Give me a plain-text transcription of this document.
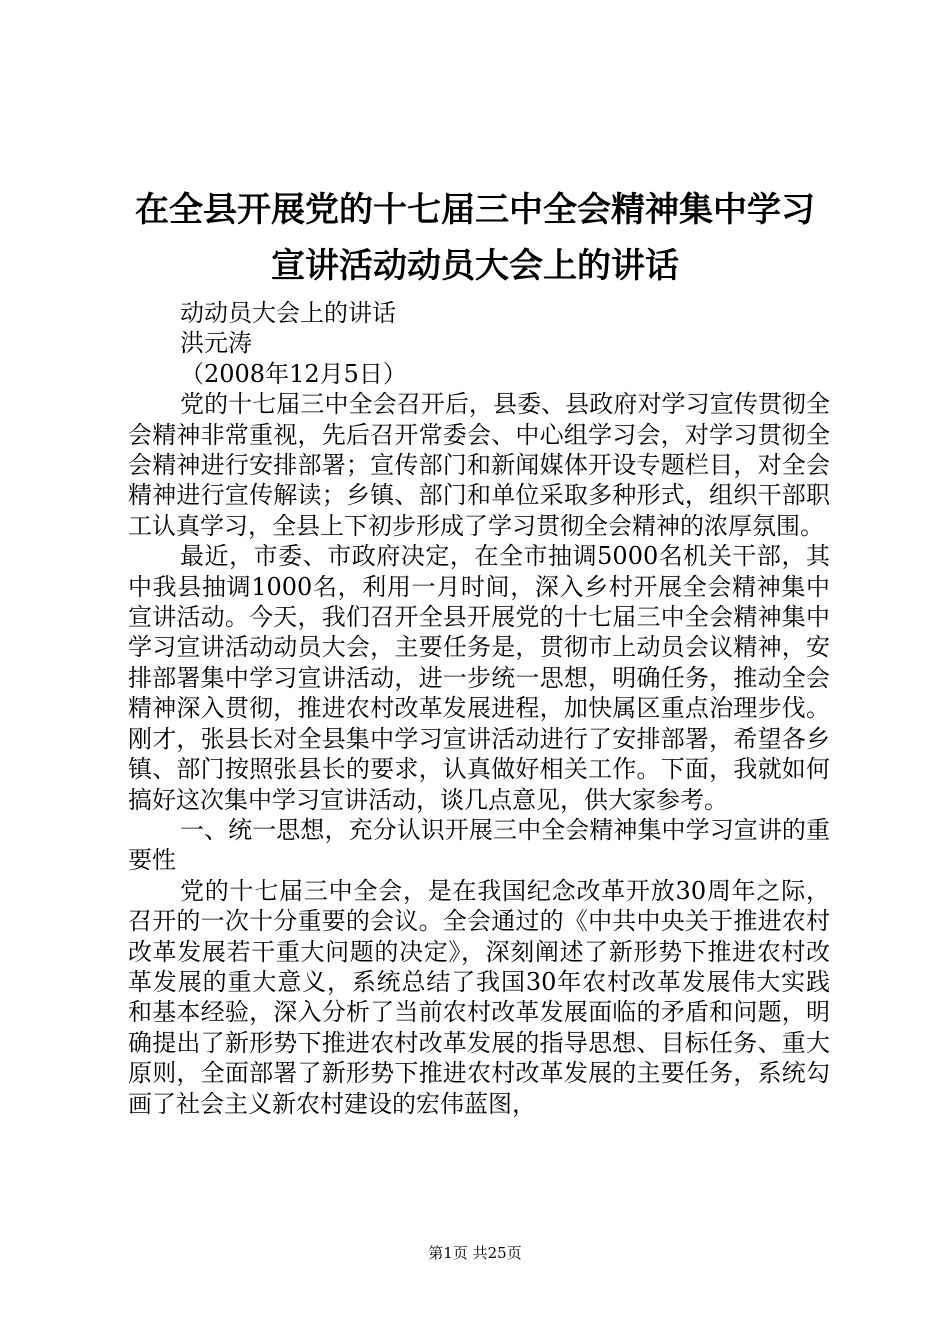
在全县开展党的十七届三中全会精神集中学习
宣讲活动动员大会上的讲话

动动员大会上的讲话

洪元涛

（2008年12月5日）

党的十七届三中全会召开后，县委、县政府对学习宣传贯彻全会精神非常重视，先后召开常委会、中心组学习会，对学习贯彻全会精神进行安排部署；宣传部门和新闻媒体开设专题栏目，对全会精神进行宣传解读；乡镇、部门和单位采取多种形式，组织干部职工认真学习，全县上下初步形成了学习贯彻全会精神的浓厚氛围。

最近，市委、市政府决定，在全市抽调5000名机关干部，其中我县抽调1000名，利用一月时间，深入乡村开展全会精神集中宣讲活动。今天，我们召开全县开展党的十七届三中全会精神集中学习宣讲活动动员大会，主要任务是，贯彻市上动员会议精神，安排部署集中学习宣讲活动，进一步统一思想，明确任务，推动全会精神深入贯彻，推进农村改革发展进程，加快属区重点治理步伐。刚才，张县长对全县集中学习宣讲活动进行了安排部署，希望各乡镇、部门按照张县长的要求，认真做好相关工作。下面，我就如何搞好这次集中学习宣讲活动，谈几点意见，供大家参考。

一、统一思想，充分认识开展三中全会精神集中学习宣讲的重要性

党的十七届三中全会，是在我国纪念改革开放30周年之际，召开的一次十分重要的会议。全会通过的《中共中央关于推进农村改革发展若干重大问题的决定》，深刻阐述了新形势下推进农村改革发展的重大意义，系统总结了我国30年农村改革发展伟大实践和基本经验，深入分析了当前农村改革发展面临的矛盾和问题，明确提出了新形势下推进农村改革发展的指导思想、目标任务、重大原则，全面部署了新形势下推进农村改革发展的主要任务，系统勾画了社会主义新农村建设的宏伟蓝图，

第1页 共25页
